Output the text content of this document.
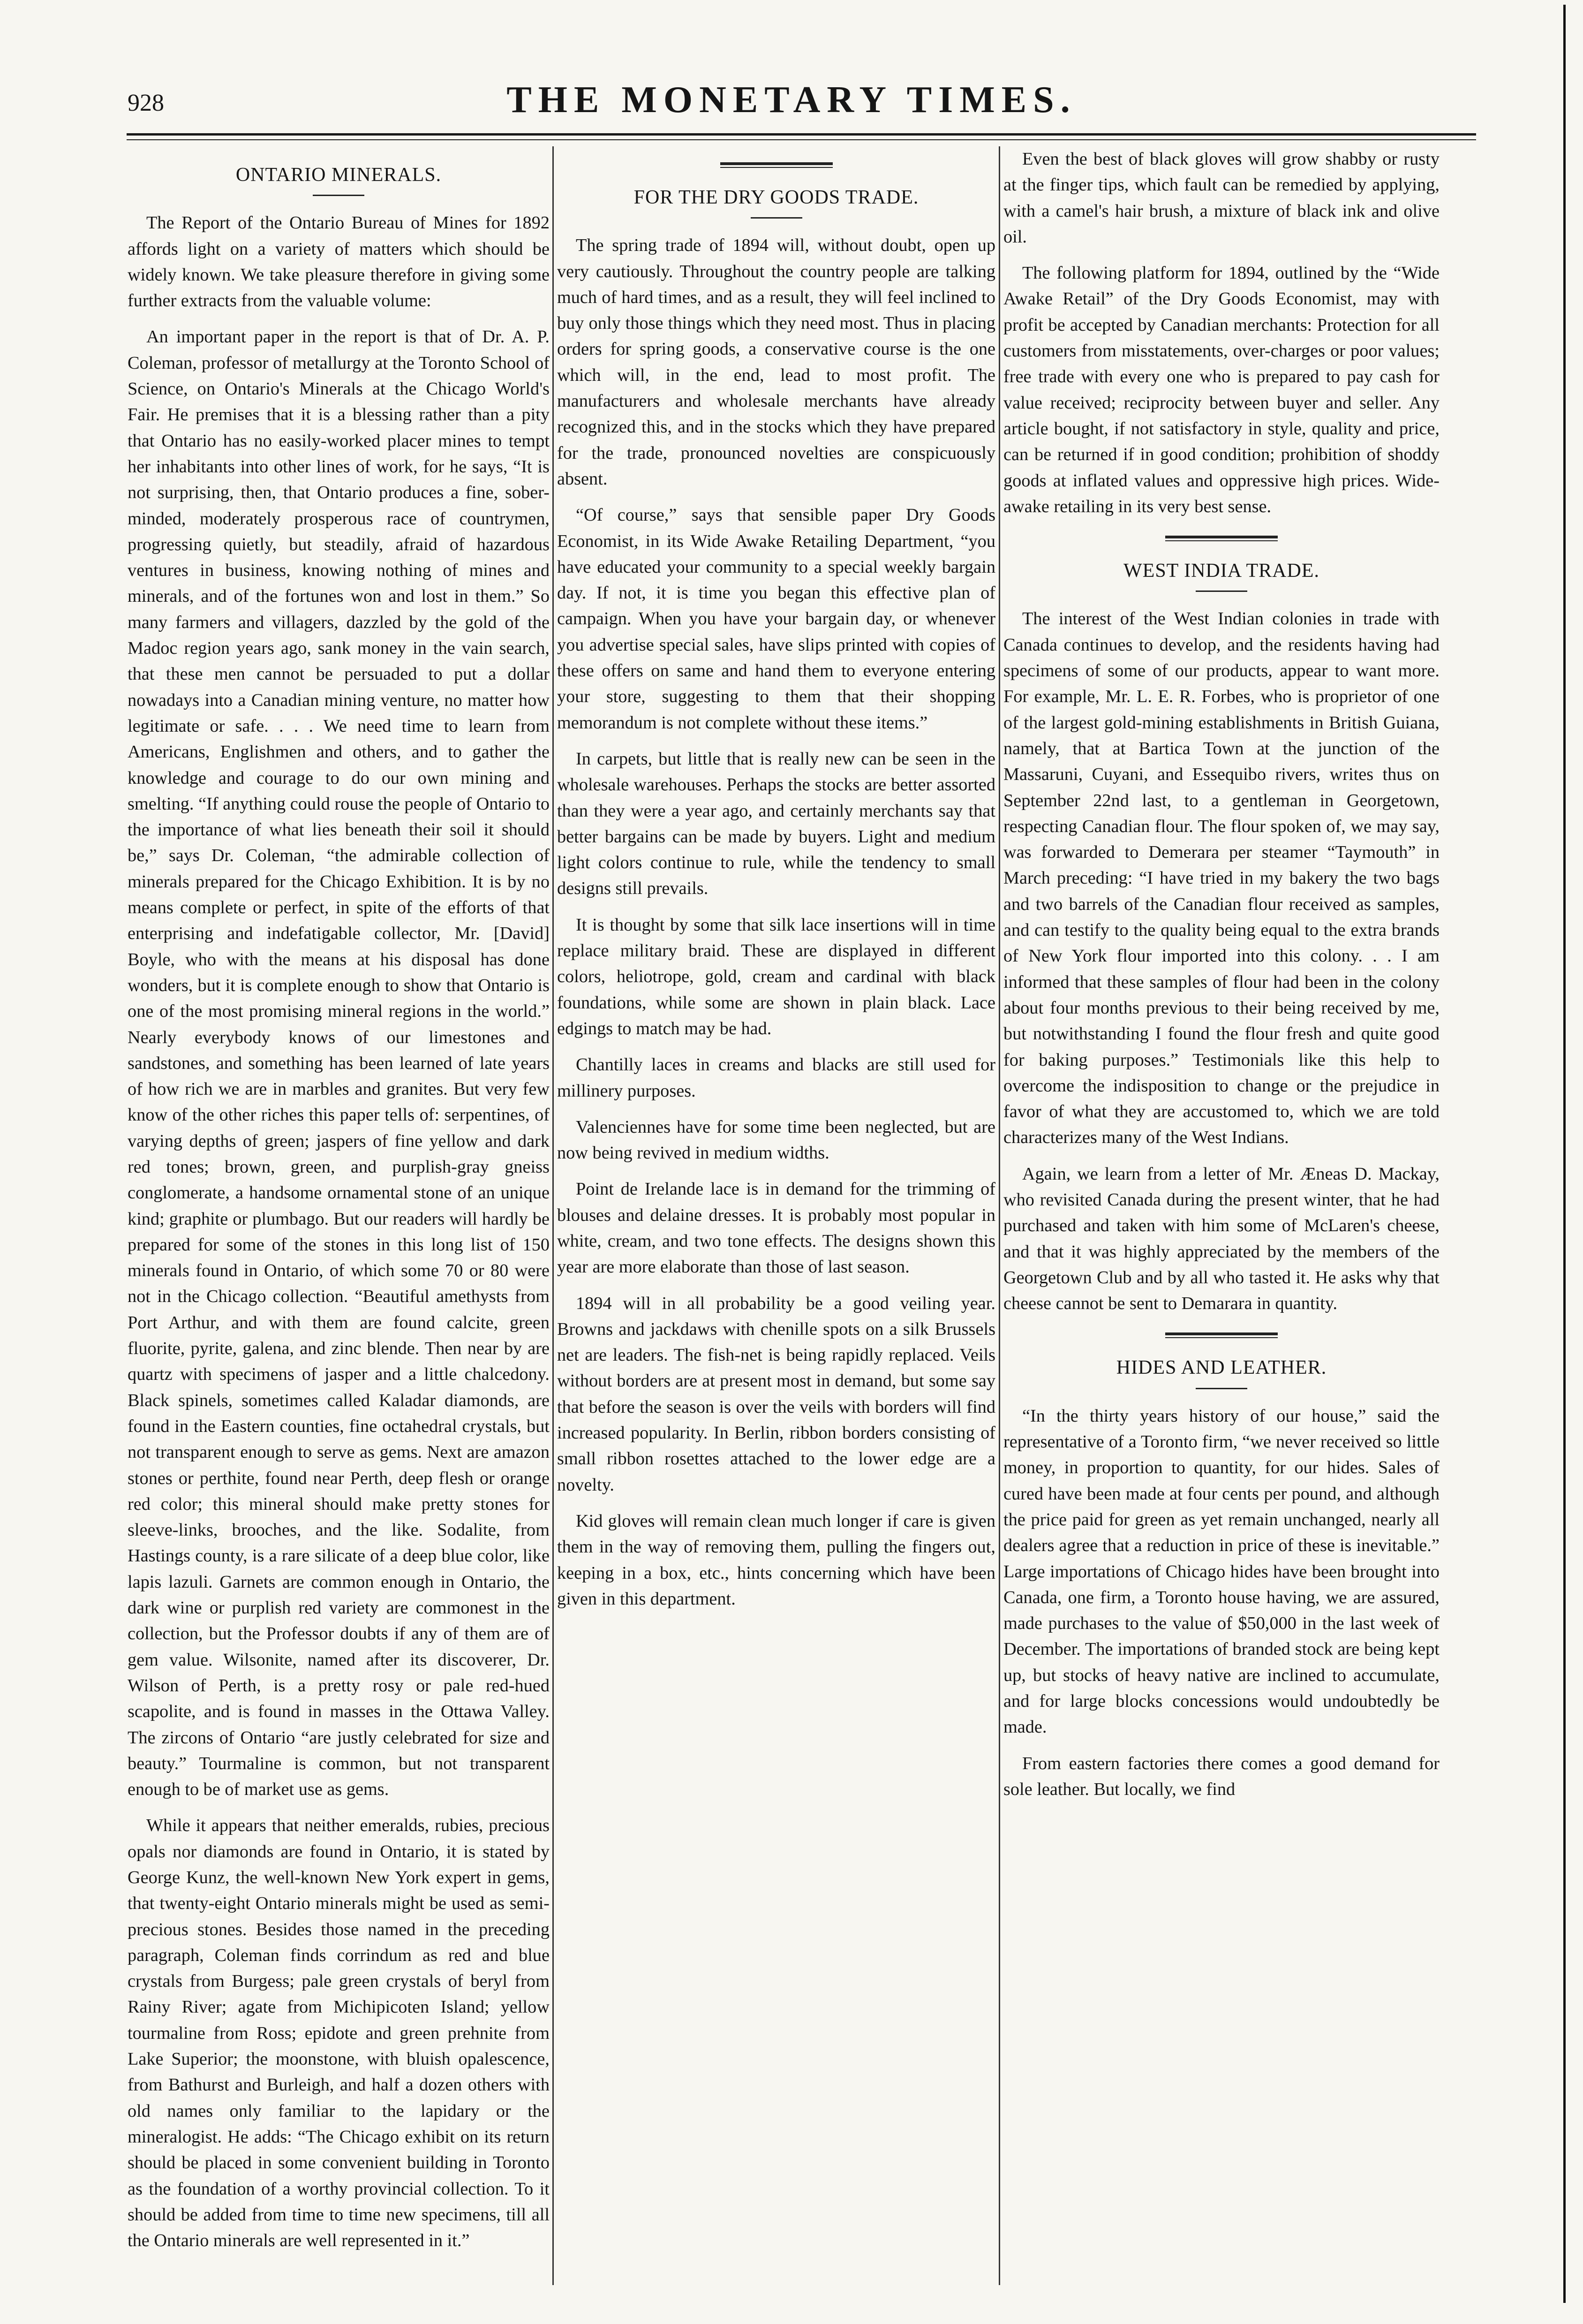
928	THE MONETARY TIMES.
ONTARIO MINERALS.

The Report of the Ontario Bureau of Mines for 1892 affords light on a variety of matters which should be widely known. We take pleasure therefore in giving some further extracts from the valuable volume:

An important paper in the report is that of Dr. A. P. Coleman, professor of metallurgy at the Toronto School of Science, on Ontario's Minerals at the Chicago World's Fair. He premises that it is a blessing rather than a pity that Ontario has no easily-worked placer mines to tempt her inhabitants into other lines of work, for he says, “It is not surprising, then, that Ontario produces a fine, sober-minded, moderately prosperous race of countrymen, progressing quietly, but steadily, afraid of hazardous ventures in business, knowing nothing of mines and minerals, and of the fortunes won and lost in them.” So many farmers and villagers, dazzled by the gold of the Madoc region years ago, sank money in the vain search, that these men cannot be persuaded to put a dollar nowadays into a Canadian mining venture, no matter how legitimate or safe. . . . We need time to learn from Americans, Englishmen and others, and to gather the knowledge and courage to do our own mining and smelting. “If anything could rouse the people of Ontario to the importance of what lies beneath their soil it should be,” says Dr. Coleman, “the admirable collection of minerals prepared for the Chicago Exhibition. It is by no means complete or perfect, in spite of the efforts of that enterprising and indefatigable collector, Mr. [David] Boyle, who with the means at his disposal has done wonders, but it is complete enough to show that Ontario is one of the most promising mineral regions in the world.” Nearly everybody knows of our limestones and sandstones, and something has been learned of late years of how rich we are in marbles and granites. But very few know of the other riches this paper tells of: serpentines, of varying depths of green; jaspers of fine yellow and dark red tones; brown, green, and purplish-gray gneiss conglomerate, a handsome ornamental stone of an unique kind; graphite or plumbago. But our readers will hardly be prepared for some of the stones in this long list of 150 minerals found in Ontario, of which some 70 or 80 were not in the Chicago collection. “Beautiful amethysts from Port Arthur, and with them are found calcite, green fluorite, pyrite, galena, and zinc blende. Then near by are quartz with specimens of jasper and a little chalcedony. Black spinels, sometimes called Kaladar diamonds, are found in the Eastern counties, fine octahedral crystals, but not transparent enough to serve as gems. Next are amazon stones or perthite, found near Perth, deep flesh or orange red color; this mineral should make pretty stones for sleeve-links, brooches, and the like. Sodalite, from Hastings county, is a rare silicate of a deep blue color, like lapis lazuli. Garnets are common enough in Ontario, the dark wine or purplish red variety are commonest in the collection, but the Professor doubts if any of them are of gem value. Wilsonite, named after its discoverer, Dr. Wilson of Perth, is a pretty rosy or pale red-hued scapolite, and is found in masses in the Ottawa Valley. The zircons of Ontario “are justly celebrated for size and beauty.” Tourmaline is common, but not transparent enough to be of market use as gems.

While it appears that neither emeralds, rubies, precious opals nor diamonds are found in Ontario, it is stated by George Kunz, the well-known New York expert in gems, that twenty-eight Ontario minerals might be used as semi-precious stones. Besides those named in the preceding paragraph, Coleman finds corrindum as red and blue crystals from Burgess; pale green crystals of beryl from Rainy River; agate from Michipicoten Island; yellow tourmaline from Ross; epidote and green prehnite from Lake Superior; the moonstone, with bluish opalescence, from Bathurst and Burleigh, and half a dozen others with old names only familiar to the lapidary or the mineralogist. He adds: “The Chicago exhibit on its return should be placed in some convenient building in Toronto as the foundation of a worthy provincial collection. To it should be added from time to time new specimens, till all the Ontario minerals are well represented in it.”

FOR THE DRY GOODS TRADE.

The spring trade of 1894 will, without doubt, open up very cautiously. Throughout the country people are talking much of hard times, and as a result, they will feel inclined to buy only those things which they need most. Thus in placing orders for spring goods, a conservative course is the one which will, in the end, lead to most profit. The manufacturers and wholesale merchants have already recognized this, and in the stocks which they have prepared for the trade, pronounced novelties are conspicuously absent.

“Of course,” says that sensible paper Dry Goods Economist, in its Wide Awake Retailing Department, “you have educated your community to a special weekly bargain day. If not, it is time you began this effective plan of campaign. When you have your bargain day, or whenever you advertise special sales, have slips printed with copies of these offers on same and hand them to everyone entering your store, suggesting to them that their shopping memorandum is not complete without these items.”

In carpets, but little that is really new can be seen in the wholesale warehouses. Perhaps the stocks are better assorted than they were a year ago, and certainly merchants say that better bargains can be made by buyers. Light and medium light colors continue to rule, while the tendency to small designs still prevails.

It is thought by some that silk lace insertions will in time replace military braid. These are displayed in different colors, heliotrope, gold, cream and cardinal with black foundations, while some are shown in plain black. Lace edgings to match may be had.

Chantilly laces in creams and blacks are still used for millinery purposes.

Valenciennes have for some time been neglected, but are now being revived in medium widths.

Point de Irelande lace is in demand for the trimming of blouses and delaine dresses. It is probably most popular in white, cream, and two tone effects. The designs shown this year are more elaborate than those of last season.

1894 will in all probability be a good veiling year. Browns and jackdaws with chenille spots on a silk Brussels net are leaders. The fish-net is being rapidly replaced. Veils without borders are at present most in demand, but some say that before the season is over the veils with borders will find increased popularity. In Berlin, ribbon borders consisting of small ribbon rosettes attached to the lower edge are a novelty.

Kid gloves will remain clean much longer if care is given them in the way of removing them, pulling the fingers out, keeping in a box, etc., hints concerning which have been given in this department.

Even the best of black gloves will grow shabby or rusty at the finger tips, which fault can be remedied by applying, with a camel's hair brush, a mixture of black ink and olive oil.

The following platform for 1894, outlined by the “Wide Awake Retail” of the Dry Goods Economist, may with profit be accepted by Canadian merchants: Protection for all customers from misstatements, over-charges or poor values; free trade with every one who is prepared to pay cash for value received; reciprocity between buyer and seller. Any article bought, if not satisfactory in style, quality and price, can be returned if in good condition; prohibition of shoddy goods at inflated values and oppressive high prices. Wide-awake retailing in its very best sense.

WEST INDIA TRADE.

The interest of the West Indian colonies in trade with Canada continues to develop, and the residents having had specimens of some of our products, appear to want more. For example, Mr. L. E. R. Forbes, who is proprietor of one of the largest gold-mining establishments in British Guiana, namely, that at Bartica Town at the junction of the Massaruni, Cuyani, and Essequibo rivers, writes thus on September 22nd last, to a gentleman in Georgetown, respecting Canadian flour. The flour spoken of, we may say, was forwarded to Demerara per steamer “Taymouth” in March preceding: “I have tried in my bakery the two bags and two barrels of the Canadian flour received as samples, and can testify to the quality being equal to the extra brands of New York flour imported into this colony. . . I am informed that these samples of flour had been in the colony about four months previous to their being received by me, but notwithstanding I found the flour fresh and quite good for baking purposes.” Testimonials like this help to overcome the indisposition to change or the prejudice in favor of what they are accustomed to, which we are told characterizes many of the West Indians.

Again, we learn from a letter of Mr. Æneas D. Mackay, who revisited Canada during the present winter, that he had purchased and taken with him some of McLaren's cheese, and that it was highly appreciated by the members of the Georgetown Club and by all who tasted it. He asks why that cheese cannot be sent to Demarara in quantity.

HIDES AND LEATHER.

“In the thirty years history of our house,” said the representative of a Toronto firm, “we never received so little money, in proportion to quantity, for our hides. Sales of cured have been made at four cents per pound, and although the price paid for green as yet remain unchanged, nearly all dealers agree that a reduction in price of these is inevitable.” Large importations of Chicago hides have been brought into Canada, one firm, a Toronto house having, we are assured, made purchases to the value of $50,000 in the last week of December. The importations of branded stock are being kept up, but stocks of heavy native are inclined to accumulate, and for large blocks concessions would undoubtedly be made.

From eastern factories there comes a good demand for sole leather. But locally, we find
